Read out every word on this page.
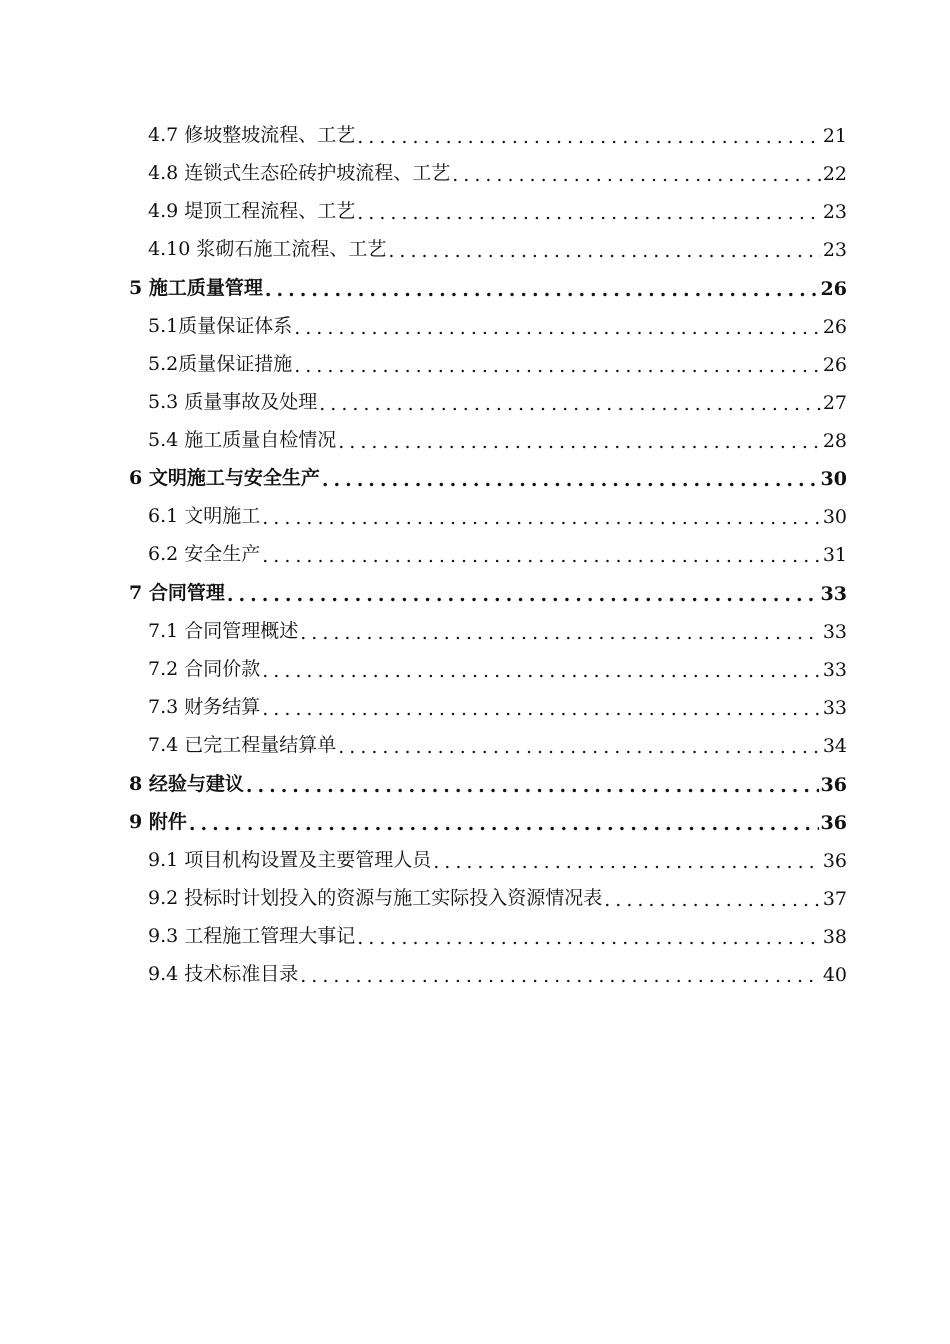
4.7 修坡整坡流程、工艺 .....	21
4.8 连锁式生态砼砖护坡流程、工艺 .....	22
4.9 堤顶工程流程、工艺 .....	23
4.10 浆砌石施工流程、工艺 .....	23
5 施工质量管理 .....	26
5.1质量保证体系 .....	26
5.2质量保证措施 .....	26
5.3 质量事故及处理 .....	27
5.4 施工质量自检情况 .....	28
6 文明施工与安全生产 .....	30
6.1 文明施工 .....	30
6.2 安全生产 .....	31
7 合同管理 .....	33
7.1 合同管理概述 .....	33
7.2 合同价款 .....	33
7.3 财务结算 .....	33
7.4 已完工程量结算单 .....	34
8 经验与建议 .....	36
9 附件 .....	36
9.1 项目机构设置及主要管理人员 .....	36
9.2 投标时计划投入的资源与施工实际投入资源情况表 .....	37
9.3 工程施工管理大事记 .....	38
9.4 技术标准目录 .....	40
